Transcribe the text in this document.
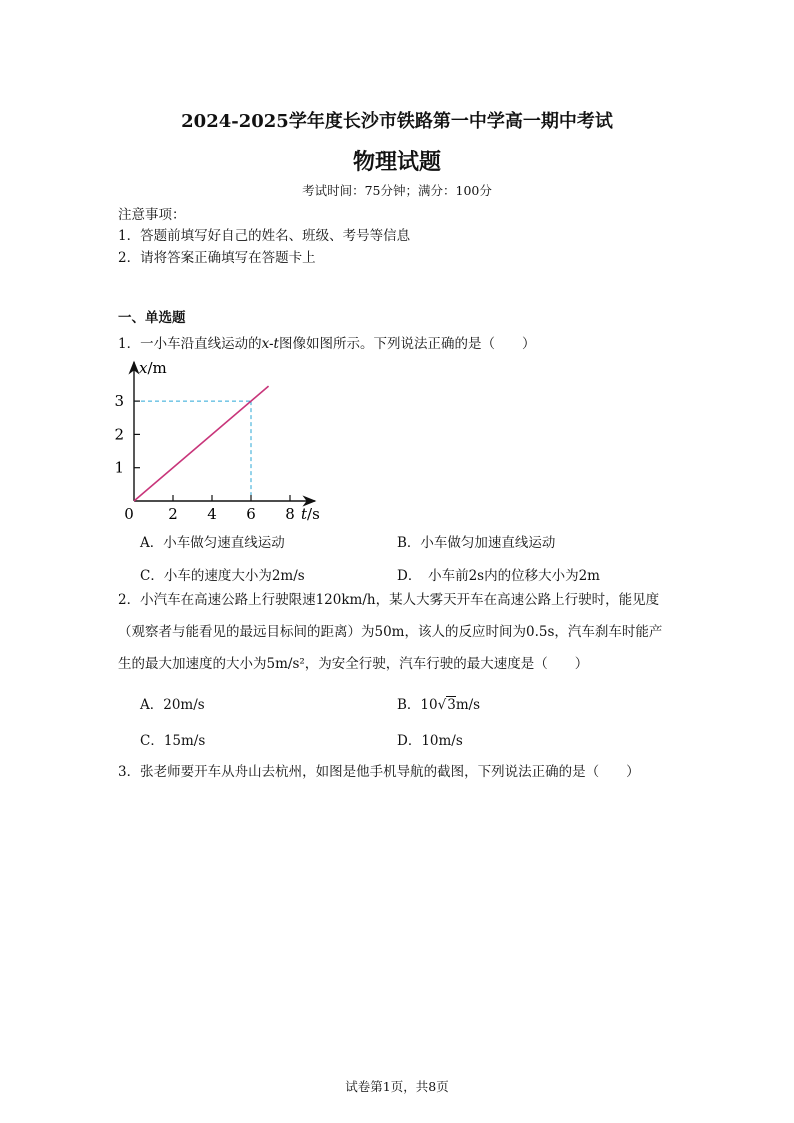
2024-2025学年度长沙市铁路第一中学高一期中考试
物理试题
考试时间：75分钟；满分：100分
注意事项：
1．答题前填写好自己的姓名、班级、考号等信息
2．请将答案正确填写在答题卡上
一、单选题
1．一小车沿直线运动的x-t图像如图所示。下列说法正确的是（　　）
0 2 4 6 8
1
2
3
x/m
t/s
A．小车做匀速直线运动	B．小车做匀加速直线运动
C．小车的速度大小为2m/s	D．　小车前2s内的位移大小为2m
2．小汽车在高速公路上行驶限速120km/h，某人大雾天开车在高速公路上行驶时，能见度
（观察者与能看见的最远目标间的距离）为50m，该人的反应时间为0.5s，汽车刹车时能产
生的最大加速度的大小为5m/s²，为安全行驶，汽车行驶的最大速度是（　　）
A．20m/s	B．10√3m/s
C．15m/s	D．10m/s
3．张老师要开车从舟山去杭州，如图是他手机导航的截图，下列说法正确的是（　　）
试卷第1页，共8页
